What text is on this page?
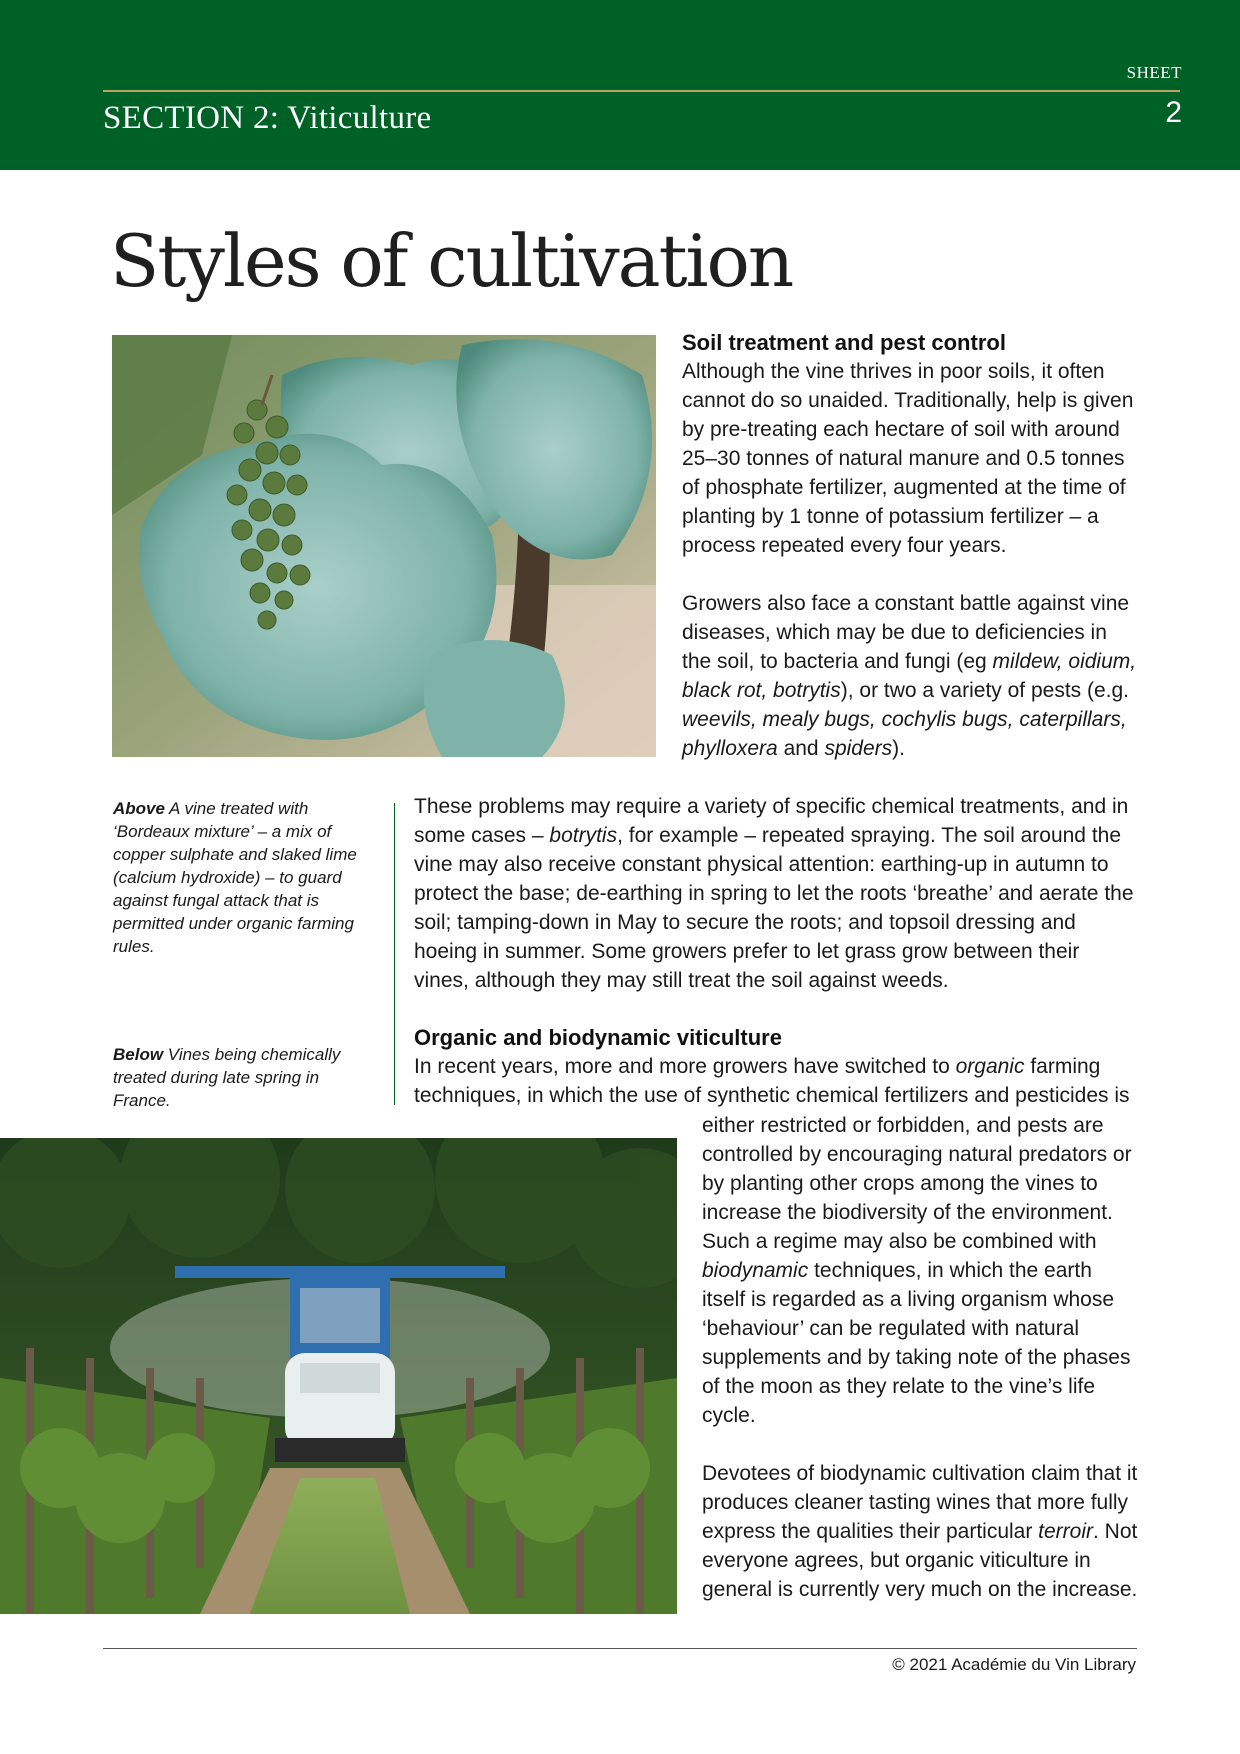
SHEET
2
SECTION 2: Viticulture
Styles of cultivation

Soil treatment and pest control

Although the vine thrives in poor soils, it often cannot do so unaided. Traditionally, help is given by pre-treating each hectare of soil with around 25–30 tonnes of natural manure and 0.5 tonnes of phosphate fertilizer, augmented at the time of planting by 1 tonne of potassium fertilizer – a process repeated every four years.

Growers also face a constant battle against vine diseases, which may be due to deficiencies in the soil, to bacteria and fungi (eg mildew, oidium, black rot, botrytis), or two a variety of pests (e.g. weevils, mealy bugs, cochylis bugs, caterpillars, phylloxera and spiders).

Above A vine treated with ‘Bordeaux mixture’ – a mix of copper sulphate and slaked lime (calcium hydroxide) – to guard against fungal attack that is permitted under organic farming rules.
Below Vines being chemically treated during late spring in France.

These problems may require a variety of specific chemical treatments, and in some cases – botrytis, for example – repeated spraying. The soil around the vine may also receive constant physical attention: earthing-up in autumn to protect the base; de-earthing in spring to let the roots ‘breathe’ and aerate the soil; tamping-down in May to secure the roots; and topsoil dressing and hoeing in summer. Some growers prefer to let grass grow between their vines, although they may still treat the soil against weeds.

Organic and biodynamic viticulture

In recent years, more and more growers have switched to organic farming techniques, in which the use of synthetic chemical fertilizers and pesticides is

either restricted or forbidden, and pests are controlled by encouraging natural predators or by planting other crops among the vines to increase the biodiversity of the environment. Such a regime may also be combined with biodynamic techniques, in which the earth itself is regarded as a living organism whose ‘behaviour’ can be regulated with natural supplements and by taking note of the phases of the moon as they relate to the vine’s life cycle.

Devotees of biodynamic cultivation claim that it produces cleaner tasting wines that more fully express the qualities their particular terroir. Not everyone agrees, but organic viticulture in general is currently very much on the increase.

© 2021 Académie du Vin Library
